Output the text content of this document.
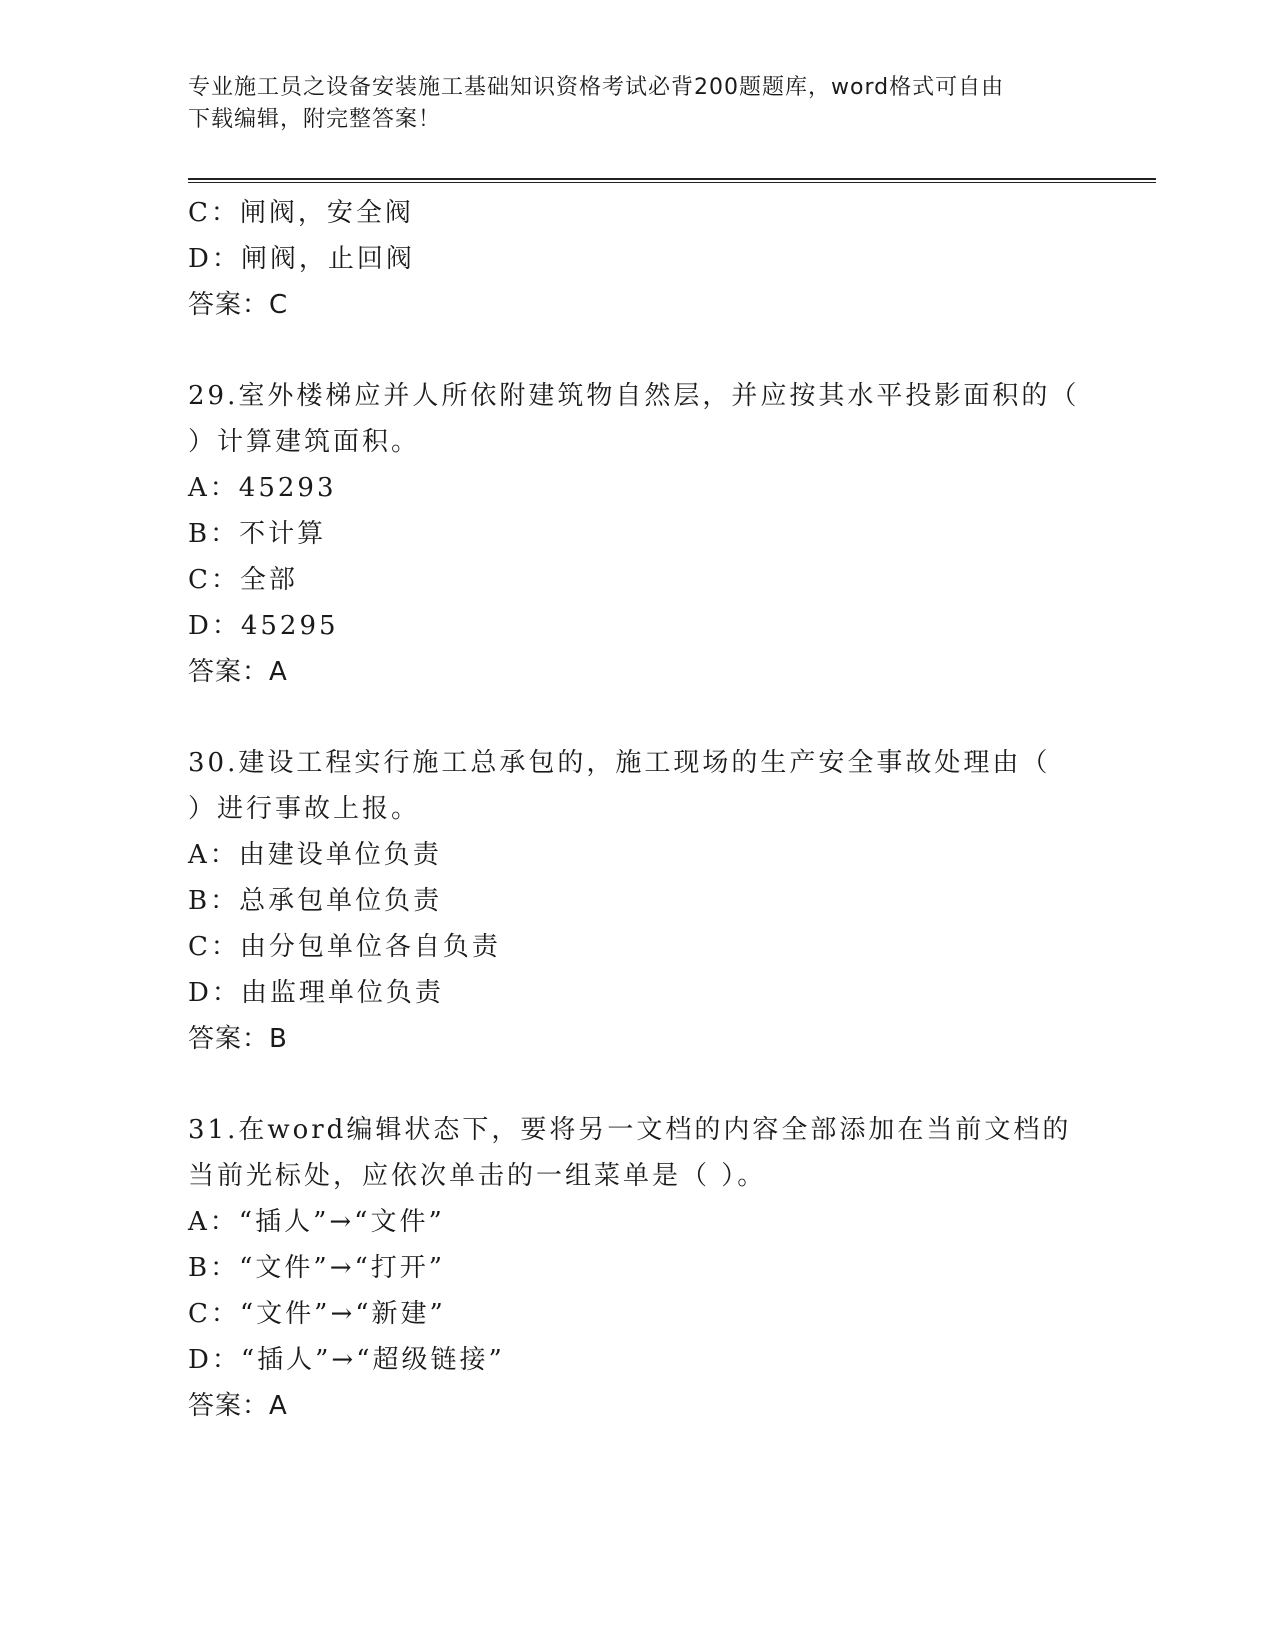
专业施工员之设备安装施工基础知识资格考试必背200题题库，word格式可自由
下载编辑，附完整答案！
C：闸阀，安全阀
D：闸阀，止回阀
答案：C
29.室外楼梯应并人所依附建筑物自然层，并应按其水平投影面积的（
）计算建筑面积。
A：45293
B：不计算
C：全部
D：45295
答案：A
30.建设工程实行施工总承包的，施工现场的生产安全事故处理由（
）进行事故上报。
A：由建设单位负责
B：总承包单位负责
C：由分包单位各自负责
D：由监理单位负责
答案：B
31.在word编辑状态下，要将另一文档的内容全部添加在当前文档的
当前光标处，应依次单击的一组菜单是（ ）。
A：“插人”→“文件”
B：“文件”→“打开”
C：“文件”→“新建”
D：“插人”→“超级链接”
答案：A
